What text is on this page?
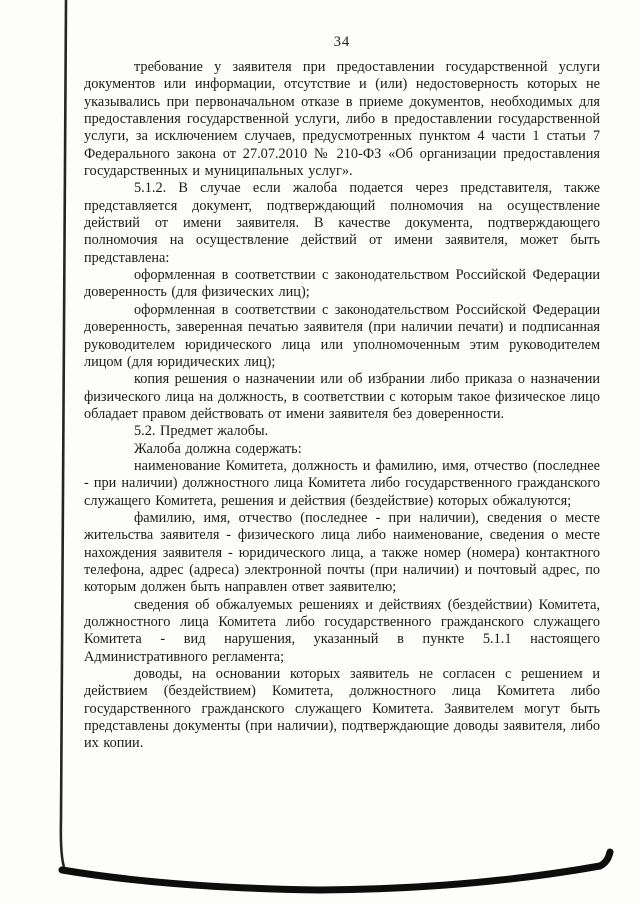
34

требование у заявителя при предоставлении государственной услуги документов или информации, отсутствие и (или) недостоверность которых не указывались при первоначальном отказе в приеме документов, необходимых для предоставления государственной услуги, либо в предоставлении государственной услуги, за исключением случаев, предусмотренных пунктом 4 части 1 статьи 7 Федерального закона от 27.07.2010 № 210-ФЗ «Об организации предоставления государственных и муниципальных услуг».

5.1.2. В случае если жалоба подается через представителя, также представляется документ, подтверждающий полномочия на осуществление действий от имени заявителя. В качестве документа, подтверждающего полномочия на осуществление действий от имени заявителя, может быть представлена:

оформленная в соответствии с законодательством Российской Федерации доверенность (для физических лиц);

оформленная в соответствии с законодательством Российской Федерации доверенность, заверенная печатью заявителя (при наличии печати) и подписанная руководителем юридического лица или уполномоченным этим руководителем лицом (для юридических лиц);

копия решения о назначении или об избрании либо приказа о назначении физического лица на должность, в соответствии с которым такое физическое лицо обладает правом действовать от имени заявителя без доверенности.

5.2. Предмет жалобы.

Жалоба должна содержать:

наименование Комитета, должность и фамилию, имя, отчество (последнее - при наличии) должностного лица Комитета либо государственного гражданского служащего Комитета, решения и действия (бездействие) которых обжалуются;

фамилию, имя, отчество (последнее - при наличии), сведения о месте жительства заявителя - физического лица либо наименование, сведения о месте нахождения заявителя - юридического лица, а также номер (номера) контактного телефона, адрес (адреса) электронной почты (при наличии) и почтовый адрес, по которым должен быть направлен ответ заявителю;

сведения об обжалуемых решениях и действиях (бездействии) Комитета, должностного лица Комитета либо государственного гражданского служащего Комитета - вид нарушения, указанный в пункте 5.1.1 настоящего Административного регламента;

доводы, на основании которых заявитель не согласен с решением и действием (бездействием) Комитета, должностного лица Комитета либо государственного гражданского служащего Комитета. Заявителем могут быть представлены документы (при наличии), подтверждающие доводы заявителя, либо их копии.
